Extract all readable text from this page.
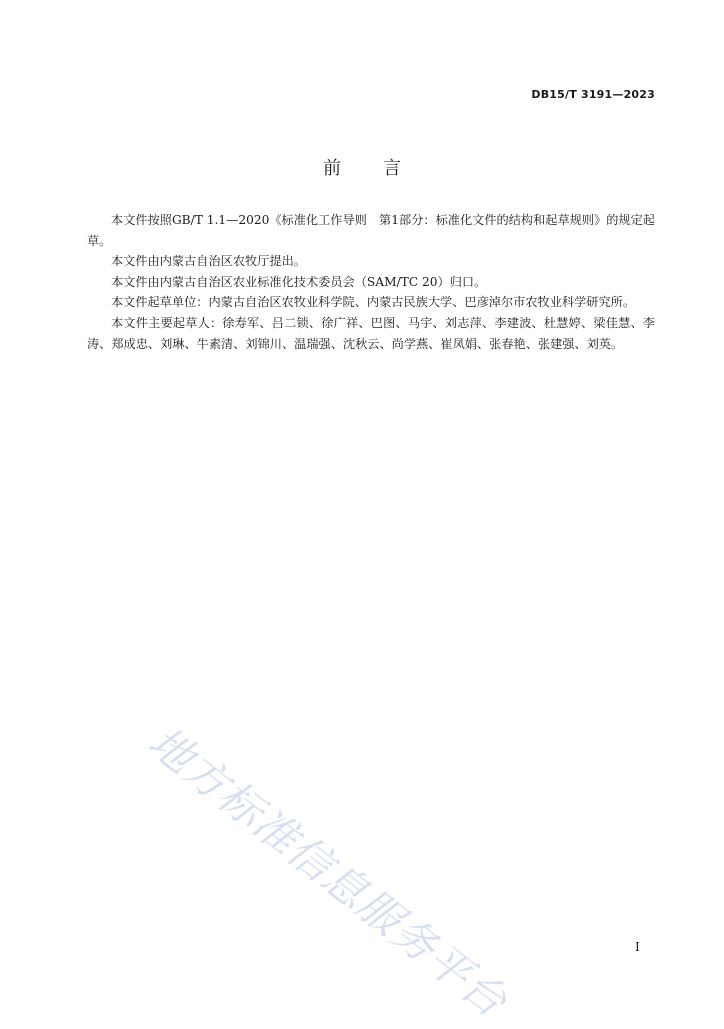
DB15/T 3191—2023
前 言

本文件按照GB/T 1.1—2020《标准化工作导则　第1部分：标准化文件的结构和起草规则》的规定起草。

本文件由内蒙古自治区农牧厅提出。

本文件由内蒙古自治区农业标准化技术委员会（SAM/TC 20）归口。

本文件起草单位：内蒙古自治区农牧业科学院、内蒙古民族大学、巴彦淖尔市农牧业科学研究所。

本文件主要起草人：徐寿军、吕二锁、徐广祥、巴图、马宇、刘志萍、李建波、杜慧婷、梁佳慧、李涛、郑成忠、刘琳、牛素清、刘锦川、温瑞强、沈秋云、尚学燕、崔凤娟、张春艳、张建强、刘英。

地方标准信息服务平台	I
